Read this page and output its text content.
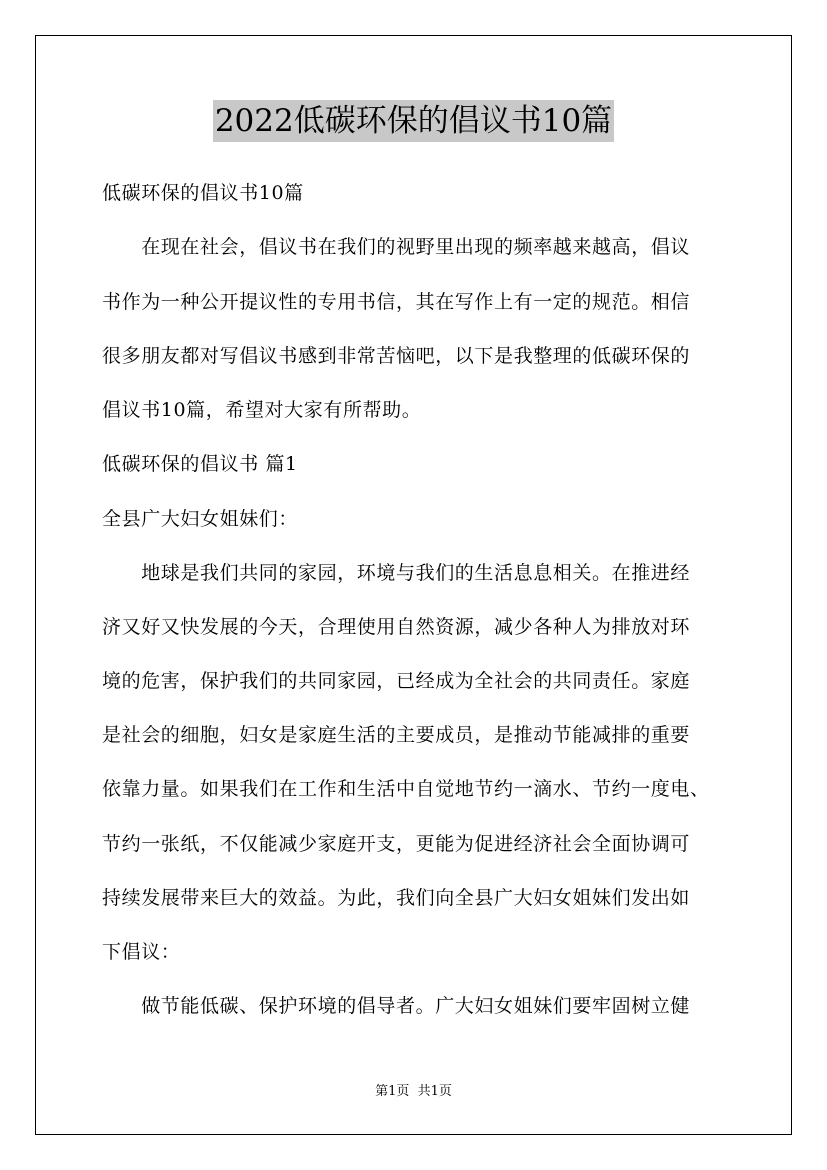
2022低碳环保的倡议书10篇
低碳环保的倡议书10篇
　　在现在社会，倡议书在我们的视野里出现的频率越来越高，倡议
书作为一种公开提议性的专用书信，其在写作上有一定的规范。相信
很多朋友都对写倡议书感到非常苦恼吧，以下是我整理的低碳环保的
倡议书10篇，希望对大家有所帮助。
低碳环保的倡议书 篇1
全县广大妇女姐妹们：
　　地球是我们共同的家园，环境与我们的生活息息相关。在推进经
济又好又快发展的今天，合理使用自然资源，减少各种人为排放对环
境的危害，保护我们的共同家园，已经成为全社会的共同责任。家庭
是社会的细胞，妇女是家庭生活的主要成员，是推动节能减排的重要
依靠力量。如果我们在工作和生活中自觉地节约一滴水、节约一度电、
节约一张纸，不仅能减少家庭开支，更能为促进经济社会全面协调可
持续发展带来巨大的效益。为此，我们向全县广大妇女姐妹们发出如
下倡议：
　　做节能低碳、保护环境的倡导者。广大妇女姐妹们要牢固树立健
第1页  共1页
